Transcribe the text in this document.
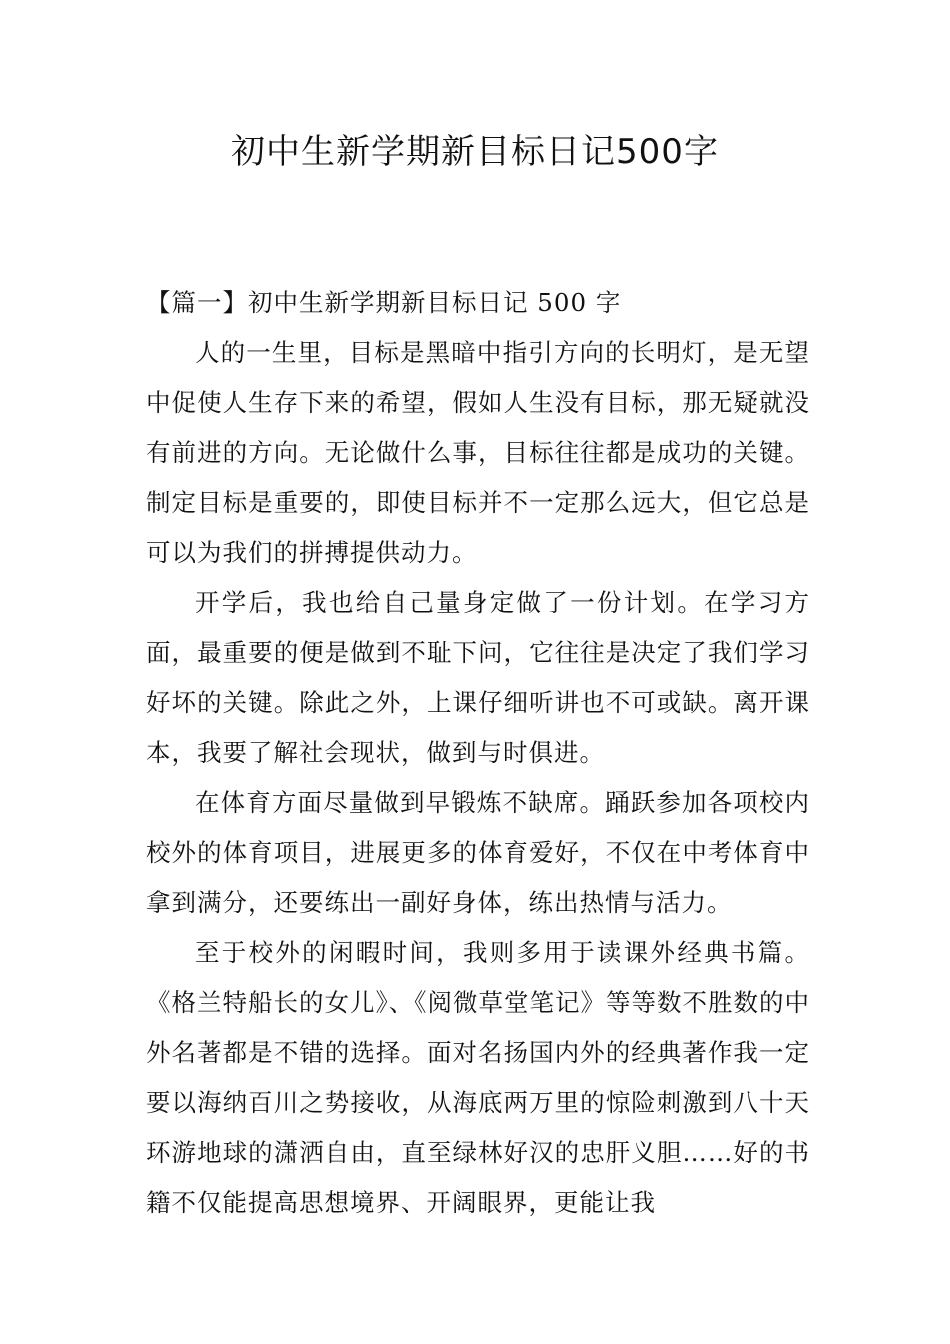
初中生新学期新目标日记500字

【篇一】初中生新学期新目标日记 500 字

人的一生里，目标是黑暗中指引方向的长明灯，是无望中促使人生存下来的希望，假如人生没有目标，那无疑就没有前进的方向。无论做什么事，目标往往都是成功的关键。制定目标是重要的，即使目标并不一定那么远大，但它总是可以为我们的拼搏提供动力。

开学后，我也给自己量身定做了一份计划。在学习方面，最重要的便是做到不耻下问，它往往是决定了我们学习好坏的关键。除此之外，上课仔细听讲也不可或缺。离开课本，我要了解社会现状，做到与时俱进。

在体育方面尽量做到早锻炼不缺席。踊跃参加各项校内校外的体育项目，进展更多的体育爱好，不仅在中考体育中拿到满分，还要练出一副好身体，练出热情与活力。

至于校外的闲暇时间，我则多用于读课外经典书篇。《格兰特船长的女儿》、《阅微草堂笔记》等等数不胜数的中外名著都是不错的选择。面对名扬国内外的经典著作我一定要以海纳百川之势接收，从海底两万里的惊险刺激到八十天环游地球的潇洒自由，直至绿林好汉的忠肝义胆……好的书籍不仅能提高思想境界、开阔眼界，更能让我
